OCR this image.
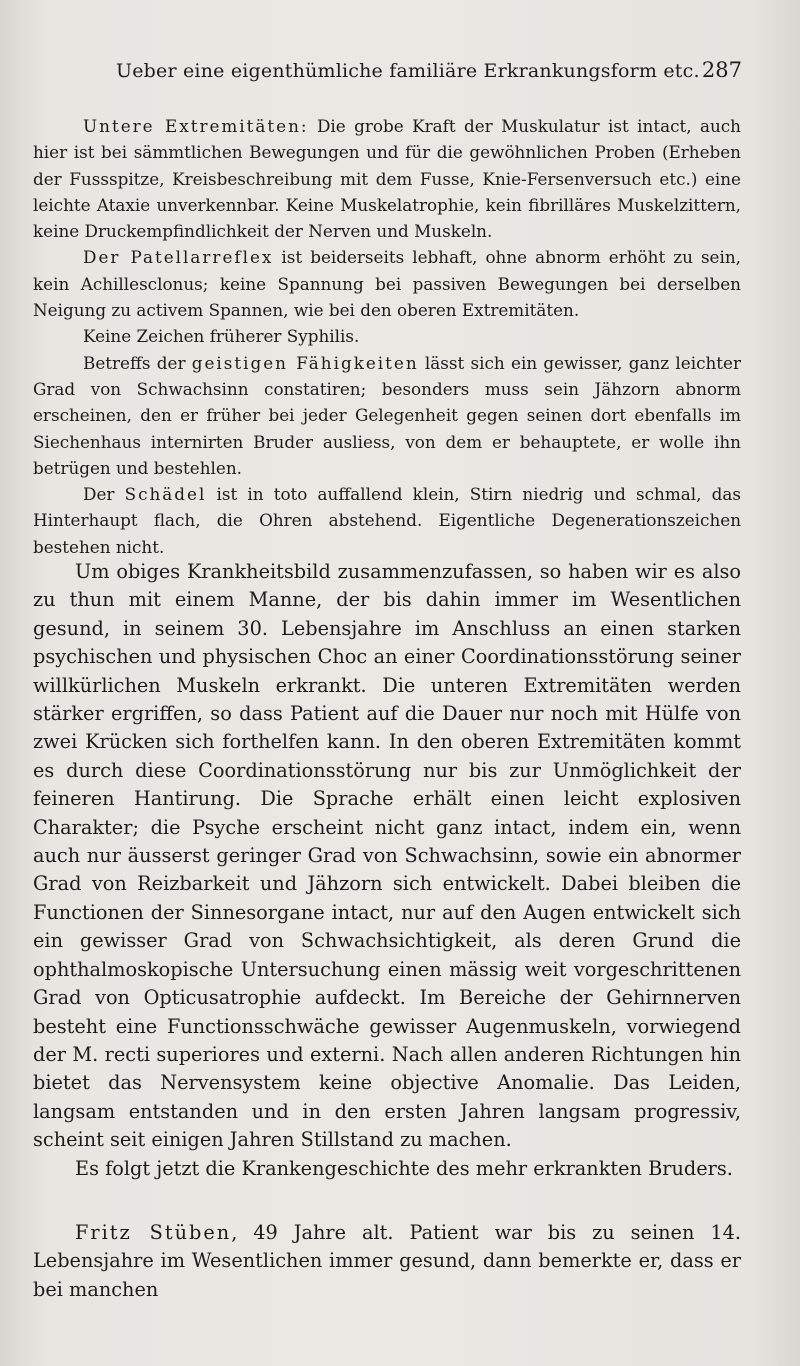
Ueber eine eigenthümliche familiäre Erkrankungsform etc. 287

Untere Extremitäten: Die grobe Kraft der Muskulatur ist intact, auch hier ist bei sämmtlichen Bewegungen und für die gewöhnlichen Proben (Erheben der Fussspitze, Kreisbeschreibung mit dem Fusse, Knie-Fersenversuch etc.) eine leichte Ataxie unverkennbar. Keine Muskelatrophie, kein fibrilläres Muskelzittern, keine Druckempfindlichkeit der Nerven und Muskeln.

Der Patellarreflex ist beiderseits lebhaft, ohne abnorm erhöht zu sein, kein Achillesclonus; keine Spannung bei passiven Bewegungen bei derselben Neigung zu activem Spannen, wie bei den oberen Extremitäten.

Keine Zeichen früherer Syphilis.

Betreffs der geistigen Fähigkeiten lässt sich ein gewisser, ganz leichter Grad von Schwachsinn constatiren; besonders muss sein Jähzorn abnorm erscheinen, den er früher bei jeder Gelegenheit gegen seinen dort ebenfalls im Siechenhaus internirten Bruder ausliess, von dem er behauptete, er wolle ihn betrügen und bestehlen.

Der Schädel ist in toto auffallend klein, Stirn niedrig und schmal, das Hinterhaupt flach, die Ohren abstehend. Eigentliche Degenerationszeichen bestehen nicht.

Um obiges Krankheitsbild zusammenzufassen, so haben wir es also zu thun mit einem Manne, der bis dahin immer im Wesentlichen gesund, in seinem 30. Lebensjahre im Anschluss an einen starken psychischen und physischen Choc an einer Coordinationsstörung seiner willkürlichen Muskeln erkrankt. Die unteren Extremitäten werden stärker ergriffen, so dass Patient auf die Dauer nur noch mit Hülfe von zwei Krücken sich forthelfen kann. In den oberen Extremitäten kommt es durch diese Coordinationsstörung nur bis zur Unmöglichkeit der feineren Hantirung. Die Sprache erhält einen leicht explosiven Charakter; die Psyche erscheint nicht ganz intact, indem ein, wenn auch nur äusserst geringer Grad von Schwachsinn, sowie ein abnormer Grad von Reizbarkeit und Jähzorn sich entwickelt. Dabei bleiben die Functionen der Sinnesorgane intact, nur auf den Augen entwickelt sich ein gewisser Grad von Schwachsichtigkeit, als deren Grund die ophthalmoskopische Untersuchung einen mässig weit vorgeschrittenen Grad von Opticusatrophie aufdeckt. Im Bereiche der Gehirnnerven besteht eine Functionsschwäche gewisser Augenmuskeln, vorwiegend der M. recti superiores und externi. Nach allen anderen Richtungen hin bietet das Nervensystem keine objective Anomalie. Das Leiden, langsam entstanden und in den ersten Jahren langsam progressiv, scheint seit einigen Jahren Stillstand zu machen.

Es folgt jetzt die Krankengeschichte des mehr erkrankten Bruders.

Fritz Stüben, 49 Jahre alt. Patient war bis zu seinen 14. Lebensjahre im Wesentlichen immer gesund, dann bemerkte er, dass er bei manchen
